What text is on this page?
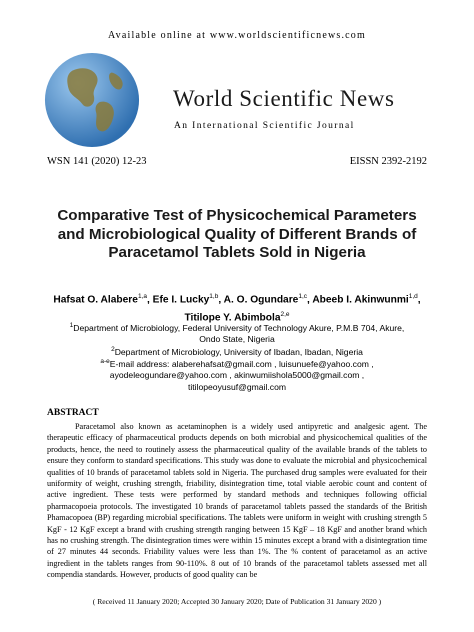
Available online at www.worldscientificnews.com
World Scientific News
An International Scientific Journal
WSN 141 (2020) 12-23	EISSN 2392-2192
Comparative Test of Physicochemical Parameters and Microbiological Quality of Different Brands of Paracetamol Tablets Sold in Nigeria
Hafsat O. Alabere$^{1,a}$, Efe I. Lucky$^{1,b}$, A. O. Ogundare$^{1,c}$, Abeeb I. Akinwunmi$^{1,d}$,
Titilope Y. Abimbola$^{2,e}$
$^1$Department of Microbiology, Federal University of Technology Akure, P.M.B 704, Akure, Ondo State, Nigeria
$^2$Department of Microbiology, University of Ibadan, Ibadan, Nigeria
$^{a-e}$E-mail address: alaberehafsat@gmail.com , luisunuefe@yahoo.com ,
ayodeleogundare@yahoo.com , akinwumiishola5000@gmail.com ,
titilopeoyusuf@gmail.com
ABSTRACT
Paracetamol also known as acetaminophen is a widely used antipyretic and analgesic agent. The therapeutic efficacy of pharmaceutical products depends on both microbial and physicochemical qualities of the products, hence, the need to routinely assess the pharmaceutical quality of the available brands of the tablets to ensure they conform to standard specifications. This study was done to evaluate the microbial and physicochemical qualities of 10 brands of paracetamol tablets sold in Nigeria. The purchased drug samples were evaluated for their uniformity of weight, crushing strength, friability, disintegration time, total viable aerobic count and content of active ingredient. These tests were performed by standard methods and techniques following official pharmacopoeia protocols. The investigated 10 brands of paracetamol tablets passed the standards of the British Phamacopoea (BP) regarding microbial specifications. The tablets were uniform in weight with crushing strength 5 KgF - 12 KgF except a brand with crushing strength ranging between 15 KgF – 18 KgF and another brand which has no crushing strength. The disintegration times were within 15 minutes except a brand with a disintegration time of 27 minutes 44 seconds. Friability values were less than 1%. The % content of paracetamol as an active ingredient in the tablets ranges from 90-110%. 8 out of 10 brands of the paracetamol tablets assessed met all compendia standards. However, products of good quality can be
( Received 11 January 2020; Accepted 30 January 2020; Date of Publication 31 January 2020 )
